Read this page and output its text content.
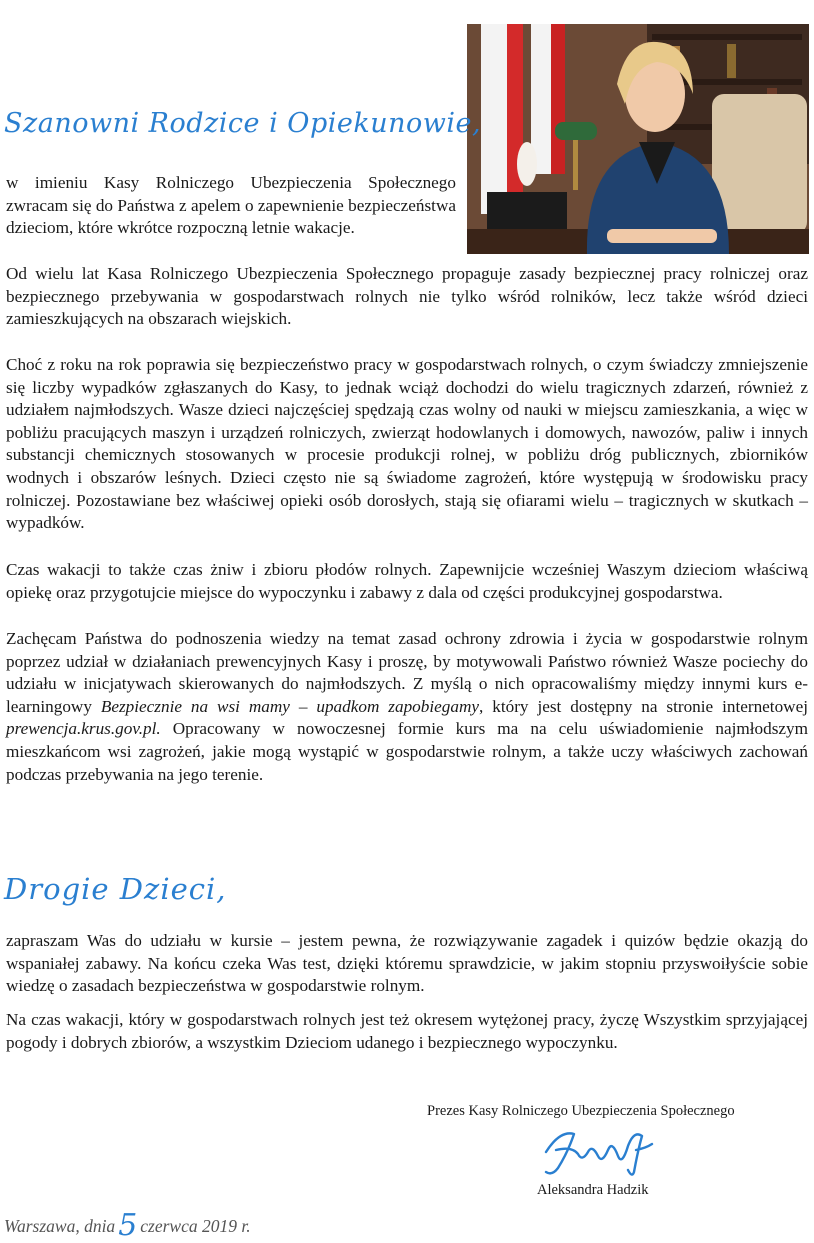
Szanowni Rodzice i Opiekunowie,

w imieniu Kasy Rolniczego Ubezpieczenia Społecznego zwracam się do Państwa z apelem o zapewnienie bezpieczeństwa dzieciom, które wkrótce rozpoczną letnie wakacje.

Od wielu lat Kasa Rolniczego Ubezpieczenia Społecznego propaguje zasady bezpiecznej pracy rolniczej oraz bezpiecznego przebywania w gospodarstwach rolnych nie tylko wśród rolników, lecz także wśród dzieci zamieszkujących na obszarach wiejskich.

Choć z roku na rok poprawia się bezpieczeństwo pracy w gospodarstwach rolnych, o czym świadczy zmniejszenie się liczby wypadków zgłaszanych do Kasy, to jednak wciąż dochodzi do wielu tragicznych zdarzeń, również z udziałem najmłodszych. Wasze dzieci najczęściej spędzają czas wolny od nauki w miejscu zamieszkania, a więc w pobliżu pracujących maszyn i urządzeń rolniczych, zwierząt hodowlanych i domowych, nawozów, paliw i innych substancji chemicznych stosowanych w procesie produkcji rolnej, w pobliżu dróg publicznych, zbiorników wodnych i obszarów leśnych. Dzieci często nie są świadome zagrożeń, które występują w środowisku pracy rolniczej. Pozostawiane bez właściwej opieki osób dorosłych, stają się ofiarami wielu – tragicznych w skutkach – wypadków.

Czas wakacji to także czas żniw i zbioru płodów rolnych. Zapewnijcie wcześniej Waszym dzieciom właściwą opiekę oraz przygotujcie miejsce do wypoczynku i zabawy z dala od części produkcyjnej gospodarstwa.

Zachęcam Państwa do podnoszenia wiedzy na temat zasad ochrony zdrowia i życia w gospodarstwie rolnym poprzez udział w działaniach prewencyjnych Kasy i proszę, by motywowali Państwo również Wasze pociechy do udziału w inicjatywach skierowanych do najmłodszych. Z myślą o nich opracowaliśmy między innymi kurs e-learningowy Bezpiecznie na wsi mamy – upadkom zapobiegamy, który jest dostępny na stronie internetowej prewencja.krus.gov.pl. Opracowany w nowoczesnej formie kurs ma na celu uświadomienie najmłodszym mieszkańcom wsi zagrożeń, jakie mogą wystąpić w gospodarstwie rolnym, a także uczy właściwych zachowań podczas przebywania na jego terenie.

Drogie Dzieci,

zapraszam Was do udziału w kursie – jestem pewna, że rozwiązywanie zagadek i quizów będzie okazją do wspaniałej zabawy. Na końcu czeka Was test, dzięki któremu sprawdzicie, w jakim stopniu przyswoiłyście sobie wiedzę o zasadach bezpieczeństwa w gospodarstwie rolnym.

Na czas wakacji, który w gospodarstwach rolnych jest też okresem wytężonej pracy, życzę Wszystkim sprzyjającej pogody i dobrych zbiorów, a wszystkim Dzieciom udanego i bezpiecznego wypoczynku.

Prezes Kasy Rolniczego Ubezpieczenia Społecznego
Aleksandra Hadzik
Warszawa, dnia 5 czerwca 2019 r.
